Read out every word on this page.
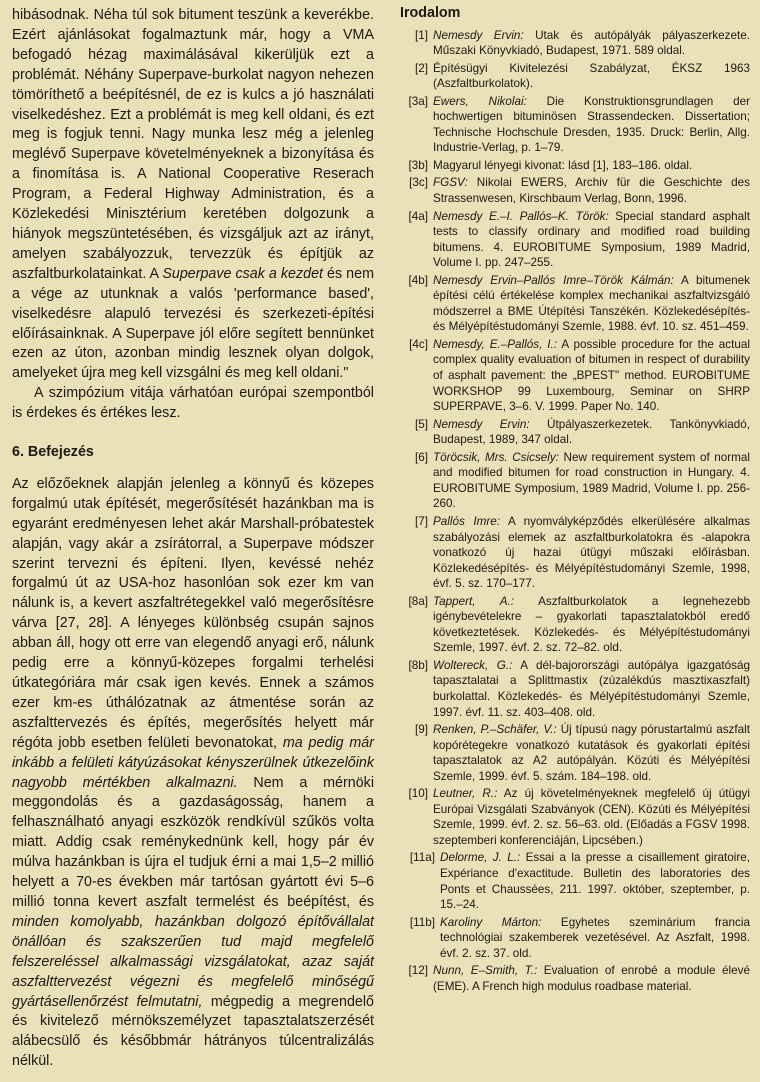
hibásodnak. Néha túl sok bitument teszünk a keverékbe. Ezért ajánlásokat fogalmaztunk már, hogy a VMA befogadó hézag maximálásával kikerüljük ezt a problémát. Néhány Superpave-burkolat nagyon nehezen tömöríthető a beépítésnél, de ez is kulcs a jó használati viselkedéshez. Ezt a problémát is meg kell oldani, és ezt meg is fogjuk tenni. Nagy munka lesz még a jelenleg meglévő Superpave követelményeknek a bizonyítása és a finomítása is. A National Cooperative Reserach Program, a Federal Highway Administration, és a Közlekedési Minisztérium keretében dolgozunk a hiányok megszüntetésében, és vizsgáljuk azt az irányt, amelyen szabályozzuk, tervezzük és építjük az aszfaltburkolatainkat. A Superpave csak a kezdet és nem a vége az utunknak a valós 'performance based', viselkedésre alapuló tervezési és szerkezeti-építési előírásainknak. A Superpave jól előre segített bennünket ezen az úton, azonban mindig lesznek olyan dolgok, amelyeket újra meg kell vizsgálni és meg kell oldani."

A szimpózium vitája várhatóan európai szempontból is érdekes és értékes lesz.

6. Befejezés

Az előzőeknek alapján jelenleg a könnyű és közepes forgalmú utak építését, megerősítését hazánkban ma is egyaránt eredményesen lehet akár Marshall-próbatestek alapján, vagy akár a zsírátorral, a Superpave módszer szerint tervezni és építeni. Ilyen, kevéssé nehéz forgalmú út az USA-hoz hasonlóan sok ezer km van nálunk is, a kevert aszfaltrétegekkel való megerősítésre várva [27, 28]. A lényeges különbség csupán sajnos abban áll, hogy ott erre van elegendő anyagi erő, nálunk pedig erre a könnyű-közepes forgalmi terhelési útkategóriára már csak igen kevés. Ennek a számos ezer km-es úthálózatnak az átmentése során az aszfalttervezés és építés, megerősítés helyett már régóta jobb esetben felületi bevonatokat, ma pedig már inkább a felületi kátyúzásokat kényszerülnek útkezelőink nagyobb mértékben alkalmazni. Nem a mérnöki meggondolás és a gazdaságosság, hanem a felhasználható anyagi eszközök rendkívül szűkös volta miatt. Addig csak reménykednünk kell, hogy pár év múlva hazánkban is újra el tudjuk érni a mai 1,5–2 millió helyett a 70-es években már tartósan gyártott évi 5–6 millió tonna kevert aszfalt termelést és beépítést, és minden komolyabb, hazánkban dolgozó építővállalat önállóan és szakszerűen tud majd megfelelő felszereléssel alkalmassági vizsgálatokat, azaz saját aszfalttervezést végezni és megfelelő minőségű gyártásellenőrzést felmutatni, mégpedig a megrendelő és kivitelező mérnökszemélyzet tapasztalatszerzését alábecsülő és későbbmár hátrányos túlcentralizálás nélkül.

Irodalom
[1] Nemesdy Ervin: Utak és autópályák pályaszerkezete. Műszaki Könyvkiadó, Budapest, 1971. 589 oldal.
[2] Építésügyi Kivitelezési Szabályzat, ÉKSZ 1963 (Aszfaltburkolatok).
[3a] Ewers, Nikolai: Die Konstruktionsgrundlagen der hochwertigen bituminösen Strassendecken. Dissertation; Technische Hochschule Dresden, 1935. Druck: Berlin, Allg. Industrie-Verlag, p. 1–79.
[3b] Magyarul lényegi kivonat: lásd [1], 183–186. oldal.
[3c] FGSV: Nikolai EWERS, Archiv für die Geschichte des Strassenwesen, Kirschbaum Verlag, Bonn, 1996.
[4a] Nemesdy E.–I. Pallós–K. Török: Special standard asphalt tests to classify ordinary and modified road building bitumens. 4. EUROBITUME Symposium, 1989 Madrid, Volume I. pp. 247–255.
[4b] Nemesdy Ervin–Pallós Imre–Török Kálmán: A bitumenek építési célú értékelése komplex mechanikai aszfaltvizsgáló módszerrel a BME Útépítési Tanszékén. Közlekedésépítés- és Mélyépítéstudományi Szemle, 1988. évf. 10. sz. 451–459.
[4c] Nemesdy, E.–Pallós, I.: A possible procedure for the actual complex quality evaluation of bitumen in respect of durability of asphalt pavement: the „BPEST" method. EUROBITUME WORKSHOP 99 Luxembourg, Seminar on SHRP SUPERPAVE, 3–6. V. 1999. Paper No. 140.
[5] Nemesdy Ervin: Útpályaszerkezetek. Tankönyvkiadó, Budapest, 1989, 347 oldal.
[6] Töröcsik, Mrs. Csicsely: New requirement system of normal and modified bitumen for road construction in Hungary. 4. EUROBITUME Symposium, 1989 Madrid, Volume I. pp. 256-260.
[7] Pallós Imre: A nyomvályképződés elkerülésére alkalmas szabályozási elemek az aszfaltburkolatokra és -alapokra vonatkozó új hazai útügyi műszaki előírásban. Közlekedésépítés- és Mélyépítéstudományi Szemle, 1998, évf. 5. sz. 170–177.
[8a] Tappert, A.: Aszfaltburkolatok a legnehezebb igénybevételekre – gyakorlati tapasztalatokból eredő következtetések. Közlekedés- és Mélyépítéstudományi Szemle, 1997. évf. 2. sz. 72–82. old.
[8b] Woltereck, G.: A dél-bajorországi autópálya igazgatóság tapasztalatai a Splittmastix (zúzalékdús masztixaszfalt) burkolattal. Közlekedés- és Mélyépítéstudományi Szemle, 1997. évf. 11. sz. 403–408. old.
[9] Renken, P.–Schäfer, V.: Új típusú nagy pórustartalmú aszfalt kopórétegekre vonatkozó kutatások és gyakorlati építési tapasztalatok az A2 autópályán. Közúti és Mélyépítési Szemle, 1999. évf. 5. szám. 184–198. old.
[10] Leutner, R.: Az új követelményeknek megfelelő új útügyi Európai Vizsgálati Szabványok (CEN). Közúti és Mélyépítési Szemle, 1999. évf. 2. sz. 56–63. old. (Előadás a FGSV 1998. szeptemberi konferenciáján, Lipcsében.)
[11a] Delorme, J. L.: Essai a la presse a cisaillement giratoire, Expériance d'exactitude. Bulletin des laboratories des Ponts et Chaussées, 211. 1997. október, szeptember, p. 15.–24.
[11b] Karoliny Márton: Egyhetes szeminárium francia technológiai szakemberek vezetésével. Az Aszfalt, 1998. évf. 2. sz. 37. old.
[12] Nunn, E–Smith, T.: Evaluation of enrobé a module élevé (EME). A French high modulus roadbase material.
